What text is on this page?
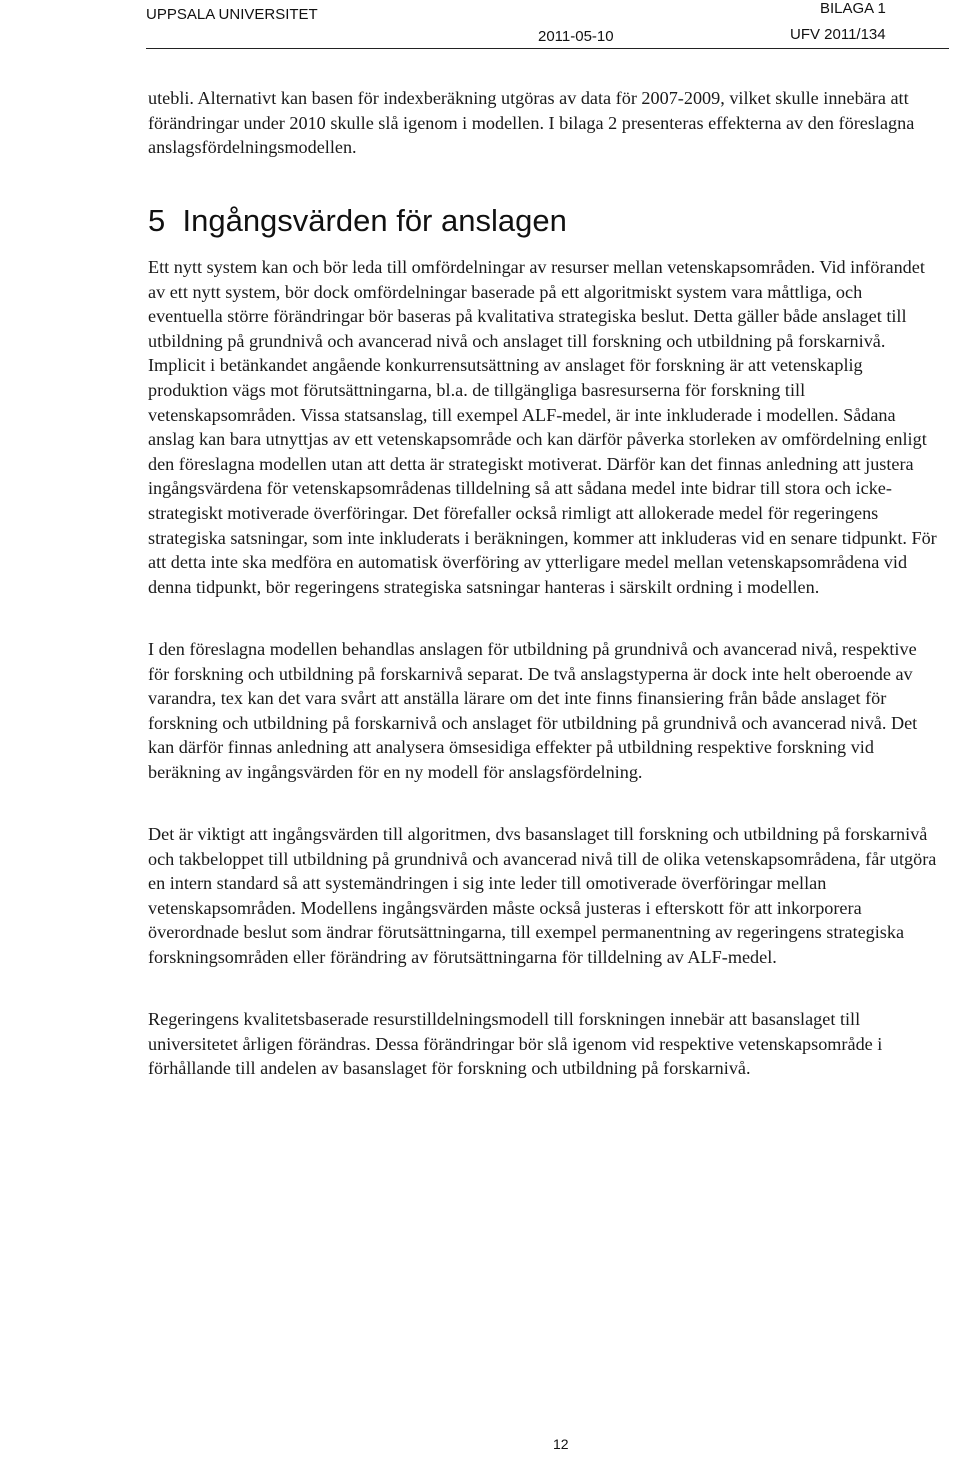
UPPSALA UNIVERSITET	BILAGA 1
2011-05-10	UFV 2011/134

utebli. Alternativt kan basen för indexberäkning utgöras av data för 2007-2009, vilket skulle innebära att förändringar under 2010 skulle slå igenom i modellen. I bilaga 2 presenteras effekterna av den föreslagna anslagsfördelningsmodellen.

5 Ingångsvärden för anslagen

Ett nytt system kan och bör leda till omfördelningar av resurser mellan vetenskapsområden. Vid införandet av ett nytt system, bör dock omfördelningar baserade på ett algoritmiskt system vara måttliga, och eventuella större förändringar bör baseras på kvalitativa strategiska beslut. Detta gäller både anslaget till utbildning på grundnivå och avancerad nivå och anslaget till forskning och utbildning på forskarnivå. Implicit i betänkandet angående konkurrensutsättning av anslaget för forskning är att vetenskaplig produktion vägs mot förutsättningarna, bl.a. de tillgängliga basresurserna för forskning till vetenskapsområden. Vissa statsanslag, till exempel ALF-medel, är inte inkluderade i modellen. Sådana anslag kan bara utnyttjas av ett vetenskapsområde och kan därför påverka storleken av omfördelning enligt den föreslagna modellen utan att detta är strategiskt motiverat. Därför kan det finnas anledning att justera ingångsvärdena för vetenskapsområdenas tilldelning så att sådana medel inte bidrar till stora och icke-strategiskt motiverade överföringar. Det förefaller också rimligt att allokerade medel för regeringens strategiska satsningar, som inte inkluderats i beräkningen, kommer att inkluderas vid en senare tidpunkt. För att detta inte ska medföra en automatisk överföring av ytterligare medel mellan vetenskapsområdena vid denna tidpunkt, bör regeringens strategiska satsningar hanteras i särskilt ordning i modellen.

I den föreslagna modellen behandlas anslagen för utbildning på grundnivå och avancerad nivå, respektive för forskning och utbildning på forskarnivå separat. De två anslagstyperna är dock inte helt oberoende av varandra, tex kan det vara svårt att anställa lärare om det inte finns finansiering från både anslaget för forskning och utbildning på forskarnivå och anslaget för utbildning på grundnivå och avancerad nivå. Det kan därför finnas anledning att analysera ömsesidiga effekter på utbildning respektive forskning vid beräkning av ingångsvärden för en ny modell för anslagsfördelning.

Det är viktigt att ingångsvärden till algoritmen, dvs basanslaget till forskning och utbildning på forskarnivå och takbeloppet till utbildning på grundnivå och avancerad nivå till de olika vetenskapsområdena, får utgöra en intern standard så att systemändringen i sig inte leder till omotiverade överföringar mellan vetenskapsområden. Modellens ingångsvärden måste också justeras i efterskott för att inkorporera överordnade beslut som ändrar förutsättningarna, till exempel permanentning av regeringens strategiska forskningsområden eller förändring av förutsättningarna för tilldelning av ALF-medel.

Regeringens kvalitetsbaserade resurstilldelningsmodell till forskningen innebär att basanslaget till universitetet årligen förändras. Dessa förändringar bör slå igenom vid respektive vetenskapsområde i förhållande till andelen av basanslaget för forskning och utbildning på forskarnivå.

12
